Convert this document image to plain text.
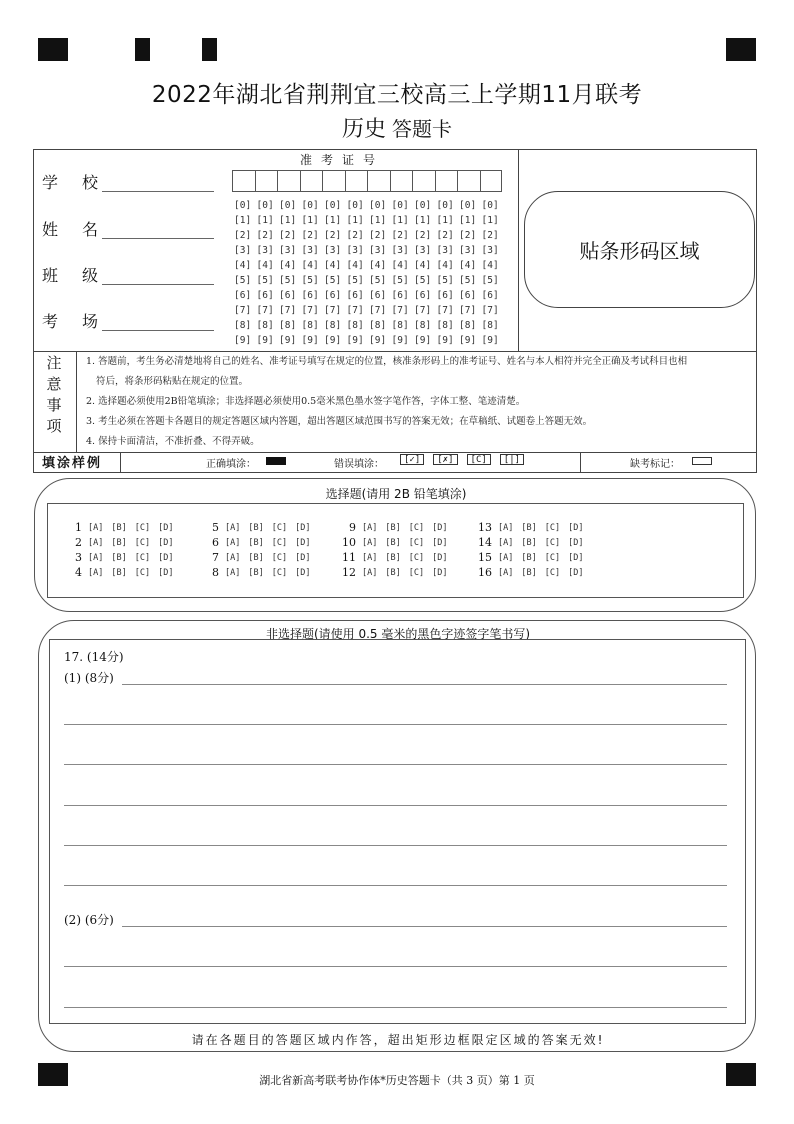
2022年湖北省荆荆宜三校高三上学期11月联考
历史 答题卡
学 校
姓 名
班 级
考 场
准考证号
[0] [0] [0] [0] [0] [0] [0] [0] [0] [0] [0] [0]
[1] [1] [1] [1] [1] [1] [1] [1] [1] [1] [1] [1]
[2] [2] [2] [2] [2] [2] [2] [2] [2] [2] [2] [2]
[3] [3] [3] [3] [3] [3] [3] [3] [3] [3] [3] [3]
[4] [4] [4] [4] [4] [4] [4] [4] [4] [4] [4] [4]
[5] [5] [5] [5] [5] [5] [5] [5] [5] [5] [5] [5]
[6] [6] [6] [6] [6] [6] [6] [6] [6] [6] [6] [6]
[7] [7] [7] [7] [7] [7] [7] [7] [7] [7] [7] [7]
[8] [8] [8] [8] [8] [8] [8] [8] [8] [8] [8] [8]
[9] [9] [9] [9] [9] [9] [9] [9] [9] [9] [9] [9]
贴条形码区域
注
意
事
项
1. 答题前，考生务必清楚地将自己的姓名、准考证号填写在规定的位置，核准条形码上的准考证号、姓名与本人相符并完全正确及考试科目也相
符后，将条形码粘贴在规定的位置。
2. 选择题必须使用2B铅笔填涂；非选择题必须使用0.5毫米黑色墨水签字笔作答，字体工整、笔迹清楚。
3. 考生必须在答题卡各题目的规定答题区域内答题，超出答题区域范围书写的答案无效；在草稿纸、试题卷上答题无效。
4. 保持卡面清洁，不准折叠、不得弄破。
填涂样例	正确填涂：	错误填涂：	[✓]	[✗]	[C]	[|]	缺考标记：
选择题(请用 2B 铅笔填涂)
1 [A] [B] [C] [D]
2 [A] [B] [C] [D]
3 [A] [B] [C] [D]
4 [A] [B] [C] [D]
5 [A] [B] [C] [D]
6 [A] [B] [C] [D]
7 [A] [B] [C] [D]
8 [A] [B] [C] [D]
9 [A] [B] [C] [D]
10 [A] [B] [C] [D]
11 [A] [B] [C] [D]
12 [A] [B] [C] [D]
13 [A] [B] [C] [D]
14 [A] [B] [C] [D]
15 [A] [B] [C] [D]
16 [A] [B] [C] [D]
非选择题(请使用 0.5 毫米的黑色字迹签字笔书写)
17. (14分)
(1) (8分)
(2) (6分)
请在各题目的答题区域内作答，超出矩形边框限定区域的答案无效!
湖北省新高考联考协作体*历史答题卡（共 3 页）第 1 页
